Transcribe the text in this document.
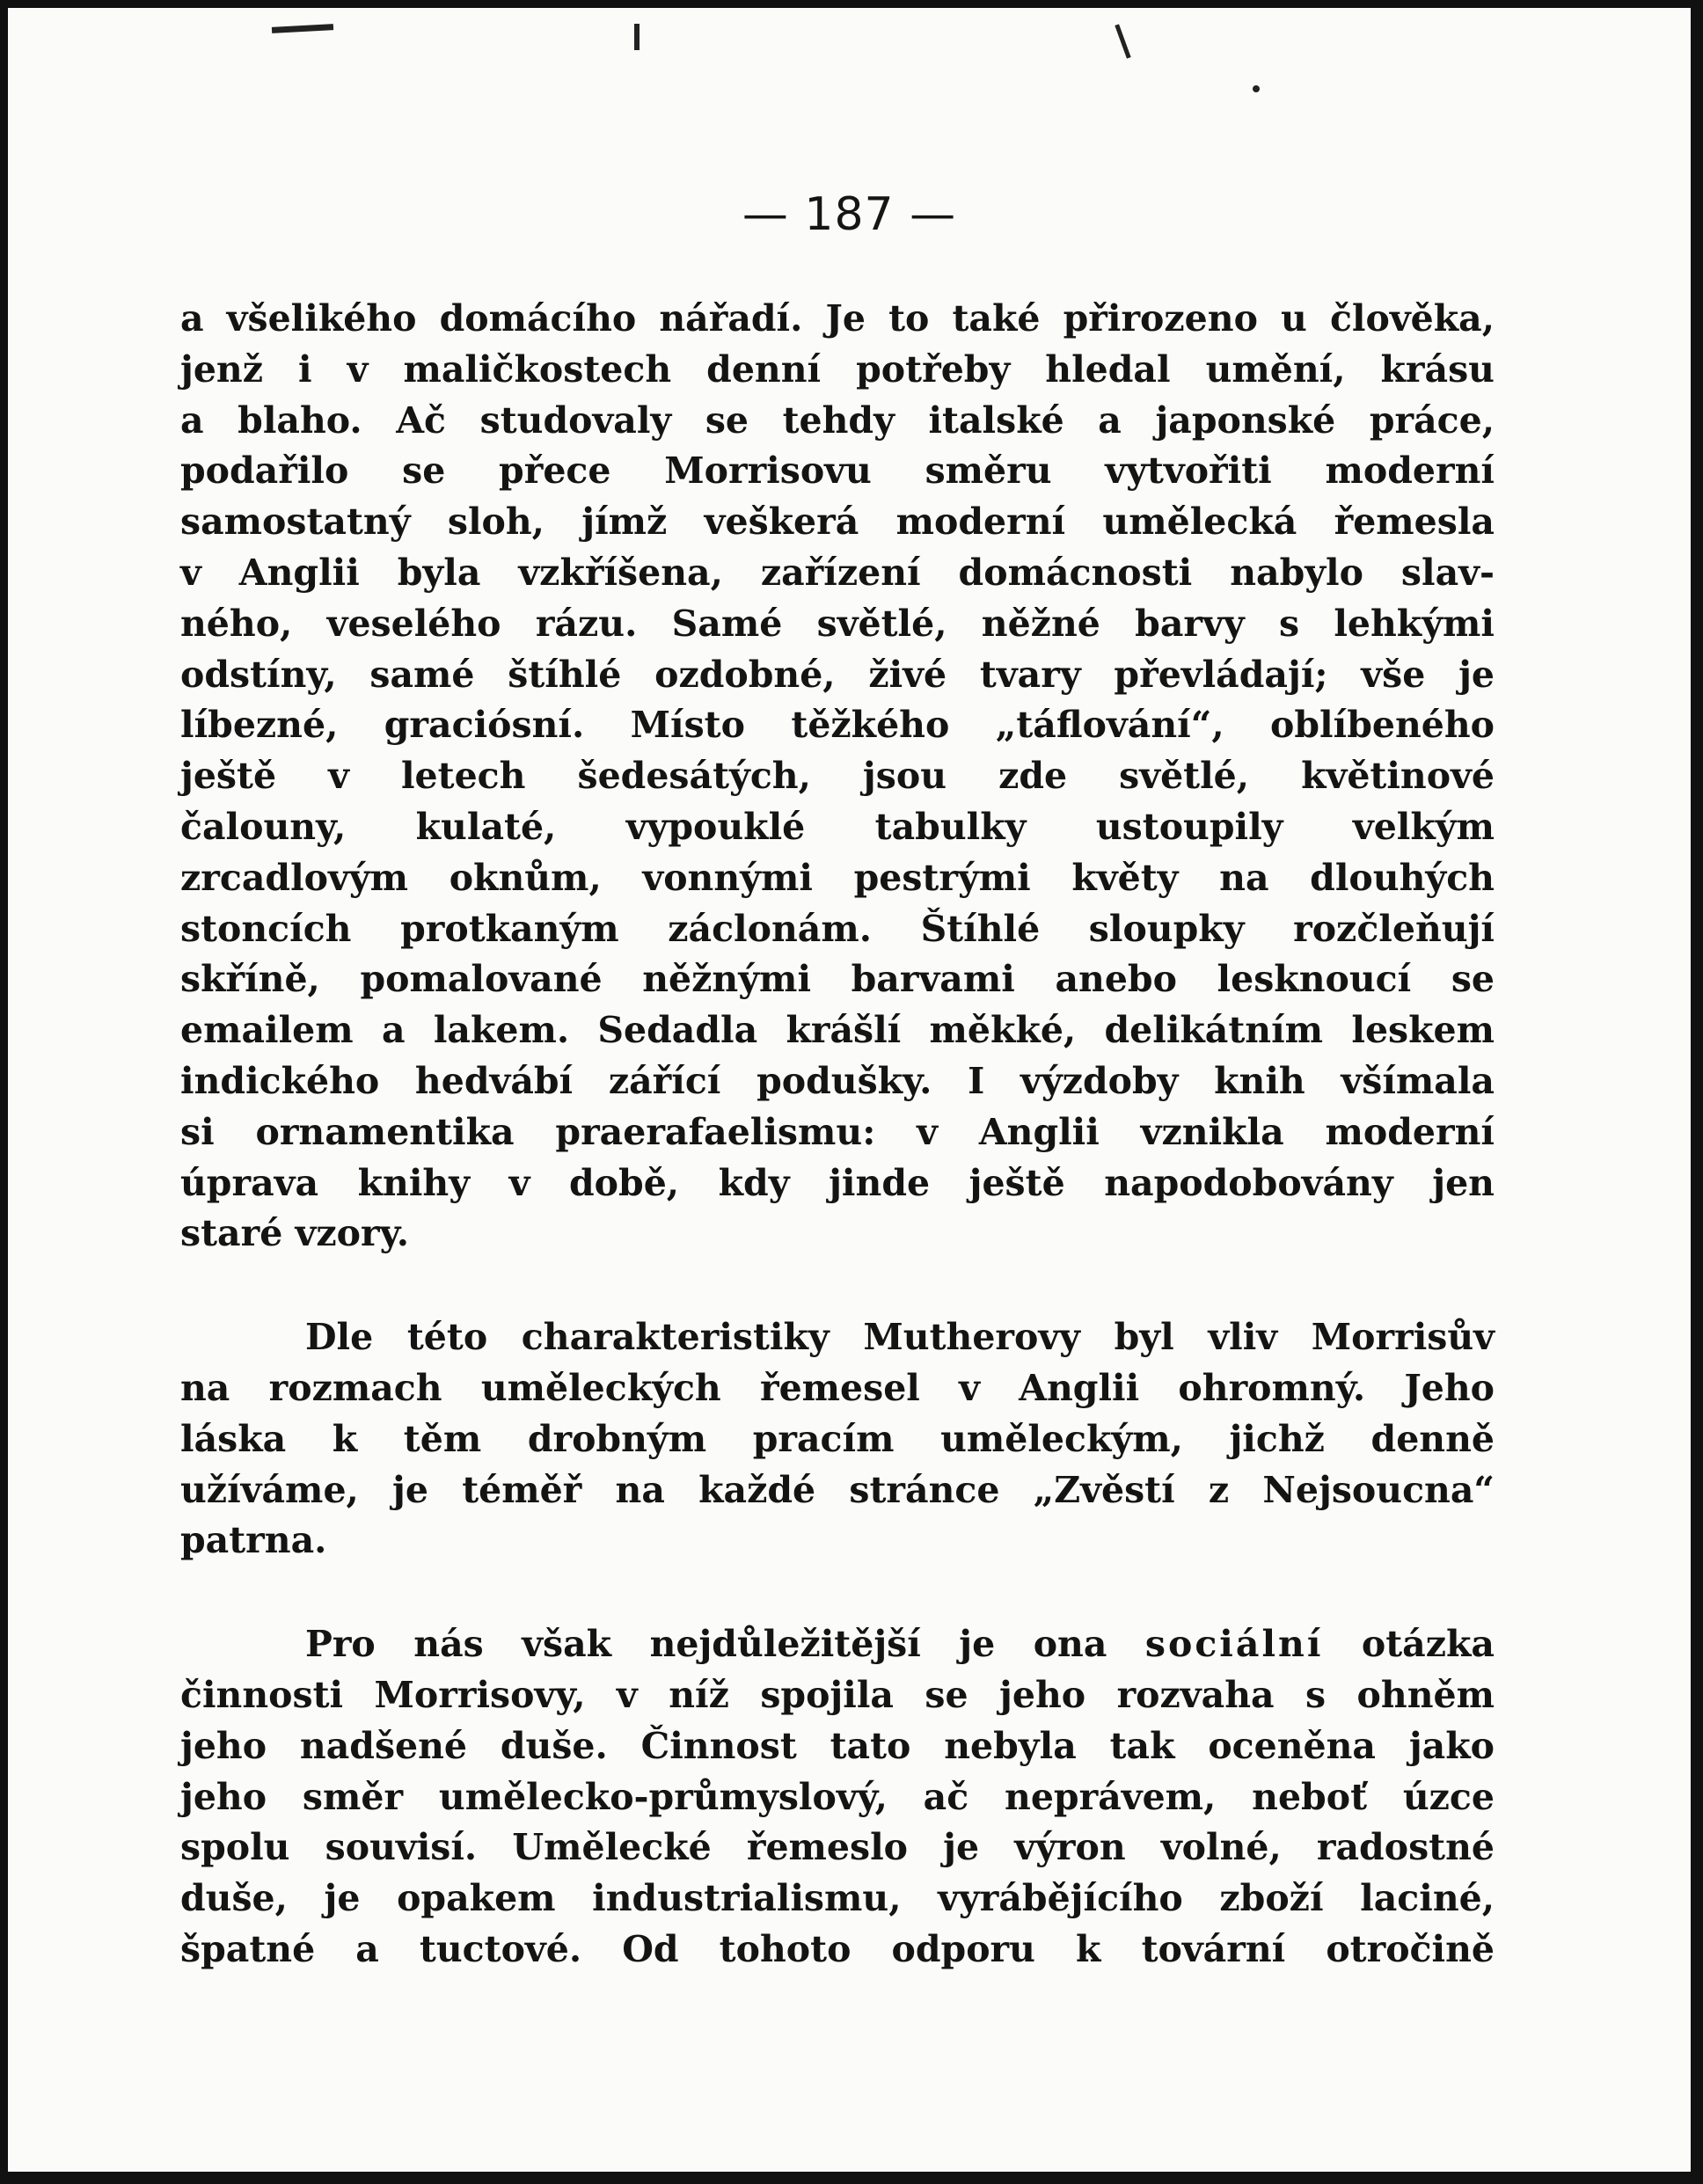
— 187 —
a všelikého domácího nářadí. Je to také přirozeno u člověka,
jenž i v maličkostech denní potřeby hledal umění, krásu
a blaho. Ač studovaly se tehdy italské a japonské práce,
podařilo se přece Morrisovu směru vytvořiti moderní
samostatný sloh, jímž veškerá moderní umělecká řemesla
v Anglii byla vzkříšena, zařízení domácnosti nabylo slav-
ného, veselého rázu. Samé světlé, něžné barvy s lehkými
odstíny, samé štíhlé ozdobné, živé tvary převládají; vše je
líbezné, graciósní. Místo těžkého „táflování“, oblíbeného
ještě v letech šedesátých, jsou zde světlé, květinové
čalouny, kulaté, vypouklé tabulky ustoupily velkým
zrcadlovým oknům, vonnými pestrými květy na dlouhých
stoncích protkaným záclonám. Štíhlé sloupky rozčleňují
skříně, pomalované něžnými barvami anebo lesknoucí se
emailem a lakem. Sedadla krášlí měkké, delikátním leskem
indického hedvábí zářící podušky. I výzdoby knih všímala
si ornamentika praerafaelismu: v Anglii vznikla moderní
úprava knihy v době, kdy jinde ještě napodobovány jen
staré vzory.
Dle této charakteristiky Mutherovy byl vliv Morrisův
na rozmach uměleckých řemesel v Anglii ohromný. Jeho
láska k těm drobným pracím uměleckým, jichž denně
užíváme, je téměř na každé stránce „Zvěstí z Nejsoucna“
patrna.
Pro nás však nejdůležitější je ona sociální otázka
činnosti Morrisovy, v níž spojila se jeho rozvaha s ohněm
jeho nadšené duše. Činnost tato nebyla tak oceněna jako
jeho směr umělecko-průmyslový, ač neprávem, neboť úzce
spolu souvisí. Umělecké řemeslo je výron volné, radostné
duše, je opakem industrialismu, vyrábějícího zboží laciné,
špatné a tuctové. Od tohoto odporu k tovární otročině
